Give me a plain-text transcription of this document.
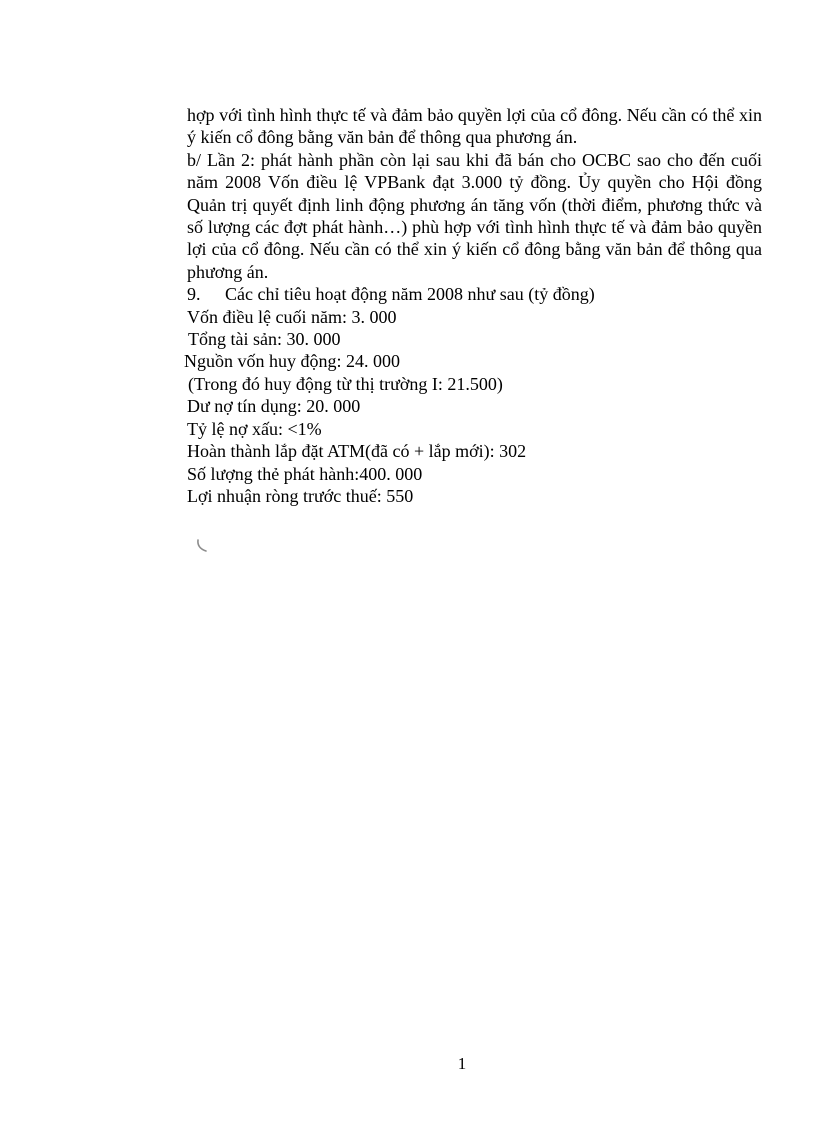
hợp với tình hình thực tế và đảm bảo quyền lợi của cổ đông. Nếu cần có thể xin ý kiến cổ đông bằng văn bản để thông qua phương án.

b/ Lần 2: phát hành phần còn lại sau khi đã bán cho OCBC sao cho đến cuối năm 2008 Vốn điều lệ VPBank đạt 3.000 tỷ đồng. Ủy quyền cho Hội đồng Quản trị quyết định linh động phương án tăng vốn (thời điểm, phương thức và số lượng các đợt phát hành…) phù hợp với tình hình thực tế và đảm bảo quyền lợi của cổ đông. Nếu cần có thể xin ý kiến cổ đông bằng văn bản để thông qua phương án.

9. Các chỉ tiêu hoạt động năm 2008 như sau (tỷ đồng)

Vốn điều lệ cuối năm: 3. 000

Tổng tài sản: 30. 000

Nguồn vốn huy động: 24. 000

(Trong đó huy động từ thị trường I: 21.500)

Dư nợ tín dụng: 20. 000

Tỷ lệ nợ xấu: <1%

Hoàn thành lắp đặt ATM(đã có + lắp mới): 302

Số lượng thẻ phát hành:400. 000

Lợi nhuận ròng trước thuế: 550

1
